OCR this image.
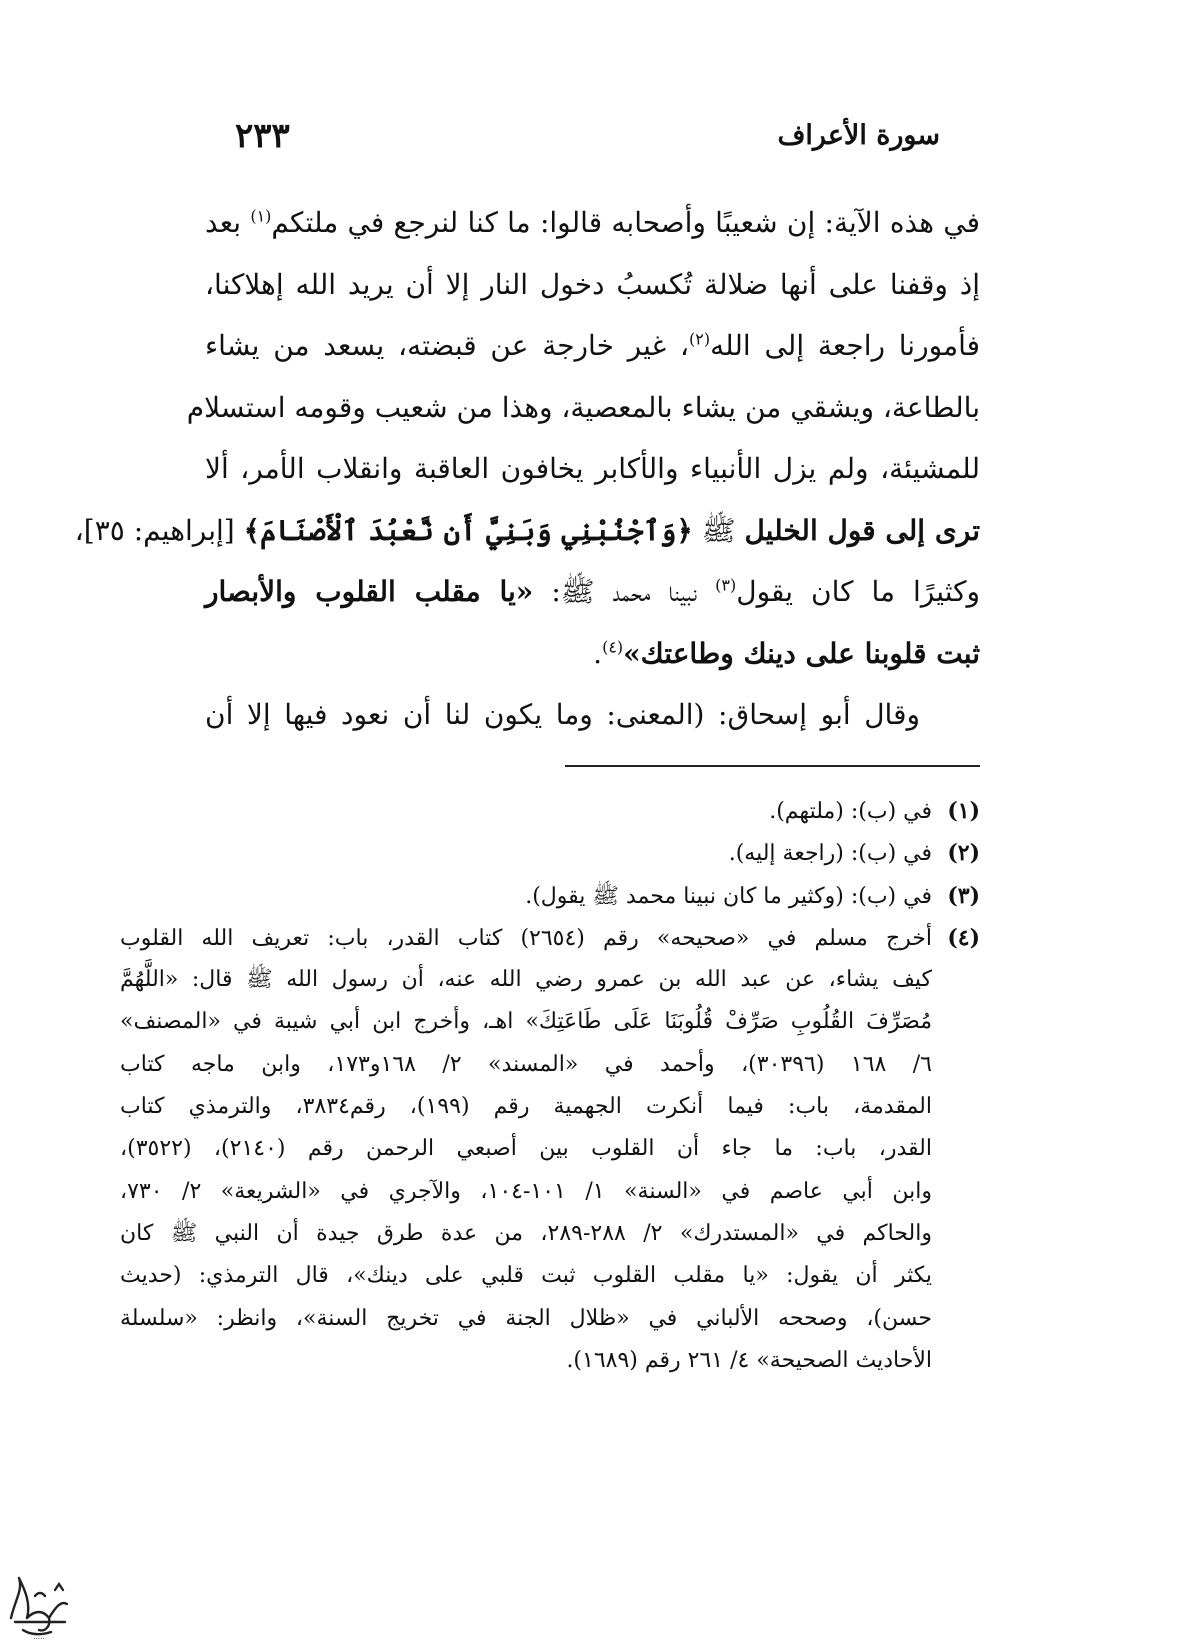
سورة الأعراف
٢٣٣
في هذه الآية: إن شعيبًا وأصحابه قالوا: ما كنا لنرجع في ملتكم$^{(١)}$ بعد
إذ وقفنا على أنها ضلالة تُكسبُ دخول النار إلا أن يريد الله إهلاكنا،
فأمورنا راجعة إلى الله$^{(٢)}$، غير خارجة عن قبضته، يسعد من يشاء
بالطاعة، ويشقي من يشاء بالمعصية، وهذا من شعيب وقومه استسلام
للمشيئة، ولم يزل الأنبياء والأكابر يخافون العاقبة وانقلاب الأمر، ألا
ترى إلى قول الخليل ﷺ ﴿وَٱجْنُبْنِي وَبَنِيَّ أَن نَّعْبُدَ ٱلْأَصْنَامَ﴾ [إبراهيم: ٣٥]،
وكثيرًا ما كان يقول$^{(٣)}$ نبينا محمد ﷺ: «يا مقلب القلوب والأبصار
ثبت قلوبنا على دينك وطاعتك»$^{(٤)}$.
وقال أبو إسحاق: (المعنى: وما يكون لنا أن نعود فيها إلا أن
(١)في (ب): (ملتهم).
(٢)في (ب): (راجعة إليه).
(٣)في (ب): (وكثير ما كان نبينا محمد ﷺ يقول).
(٤)أخرج مسلم في «صحيحه» رقم (٢٦٥٤) كتاب القدر، باب: تعريف الله القلوب
كيف يشاء، عن عبد الله بن عمرو رضي الله عنه، أن رسول الله ﷺ قال: «اللَّهُمَّ
مُصَرِّفَ القُلُوبِ صَرِّفْ قُلُوبَنَا عَلَى طَاعَتِكَ» اهـ، وأخرج ابن أبي شيبة في «المصنف»
٦/ ١٦٨ (٣٠٣٩٦)، وأحمد في «المسند» ٢/ ١٦٨و١٧٣، وابن ماجه كتاب
المقدمة، باب: فيما أنكرت الجهمية رقم (١٩٩)، رقم٣٨٣٤، والترمذي كتاب
القدر، باب: ما جاء أن القلوب بين أصبعي الرحمن رقم (٢١٤٠)، (٣٥٢٢)،
وابن أبي عاصم في «السنة» ١/ ١٠١-١٠٤، والآجري في «الشريعة» ٢/ ٧٣٠،
والحاكم في «المستدرك» ٢/ ٢٨٨-٢٨٩، من عدة طرق جيدة أن النبي ﷺ كان
يكثر أن يقول: «يا مقلب القلوب ثبت قلبي على دينك»، قال الترمذي: (حديث
حسن)، وصححه الألباني في «ظلال الجنة في تخريج السنة»، وانظر: «سلسلة
الأحاديث الصحيحة» ٤/ ٢٦١ رقم (١٦٨٩).
·····
